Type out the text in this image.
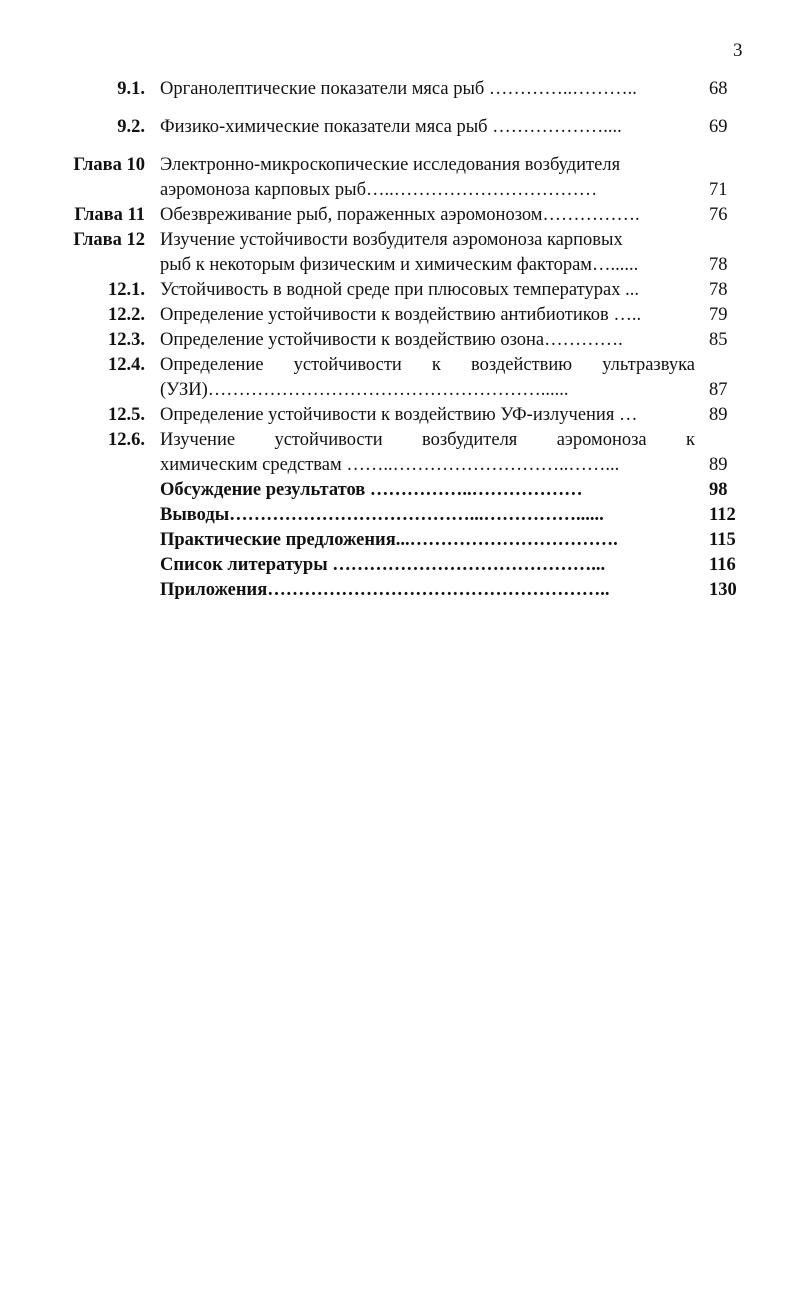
3
9.1. Органолептические показатели мяса рыб …………..………..	68
9.2. Физико-химические показатели мяса рыб ………………....	69
Глава 10 Электронно-микроскопические исследования возбудителя
аэромоноза карповых рыб…..……………………………	71
Глава 11 Обезвреживание рыб, пораженных аэромонозом…………….	76
Глава 12 Изучение устойчивости возбудителя аэромоноза карповых
рыб к некоторым физическим и химическим факторам…......	78
12.1. Устойчивость в водной среде при плюсовых температурах ...	78
12.2. Определение устойчивости к воздействию антибиотиков …..	79
12.3. Определение устойчивости к воздействию озона………….	85
12.4. Определение устойчивости к воздействию ультразвука
(УЗИ)………………………………………………......	87
12.5. Определение устойчивости к воздействию УФ-излучения …	89
12.6. Изучение устойчивости возбудителя аэромоноза к
химическим средствам ……..………………………..……...	89
Обсуждение результатов ……………..………………	98
Выводы…………………………………...……………......	112
Практические предложения...…………………………….	115
Список литературы ……………………………………...	116
Приложения………………………………………………..	130
